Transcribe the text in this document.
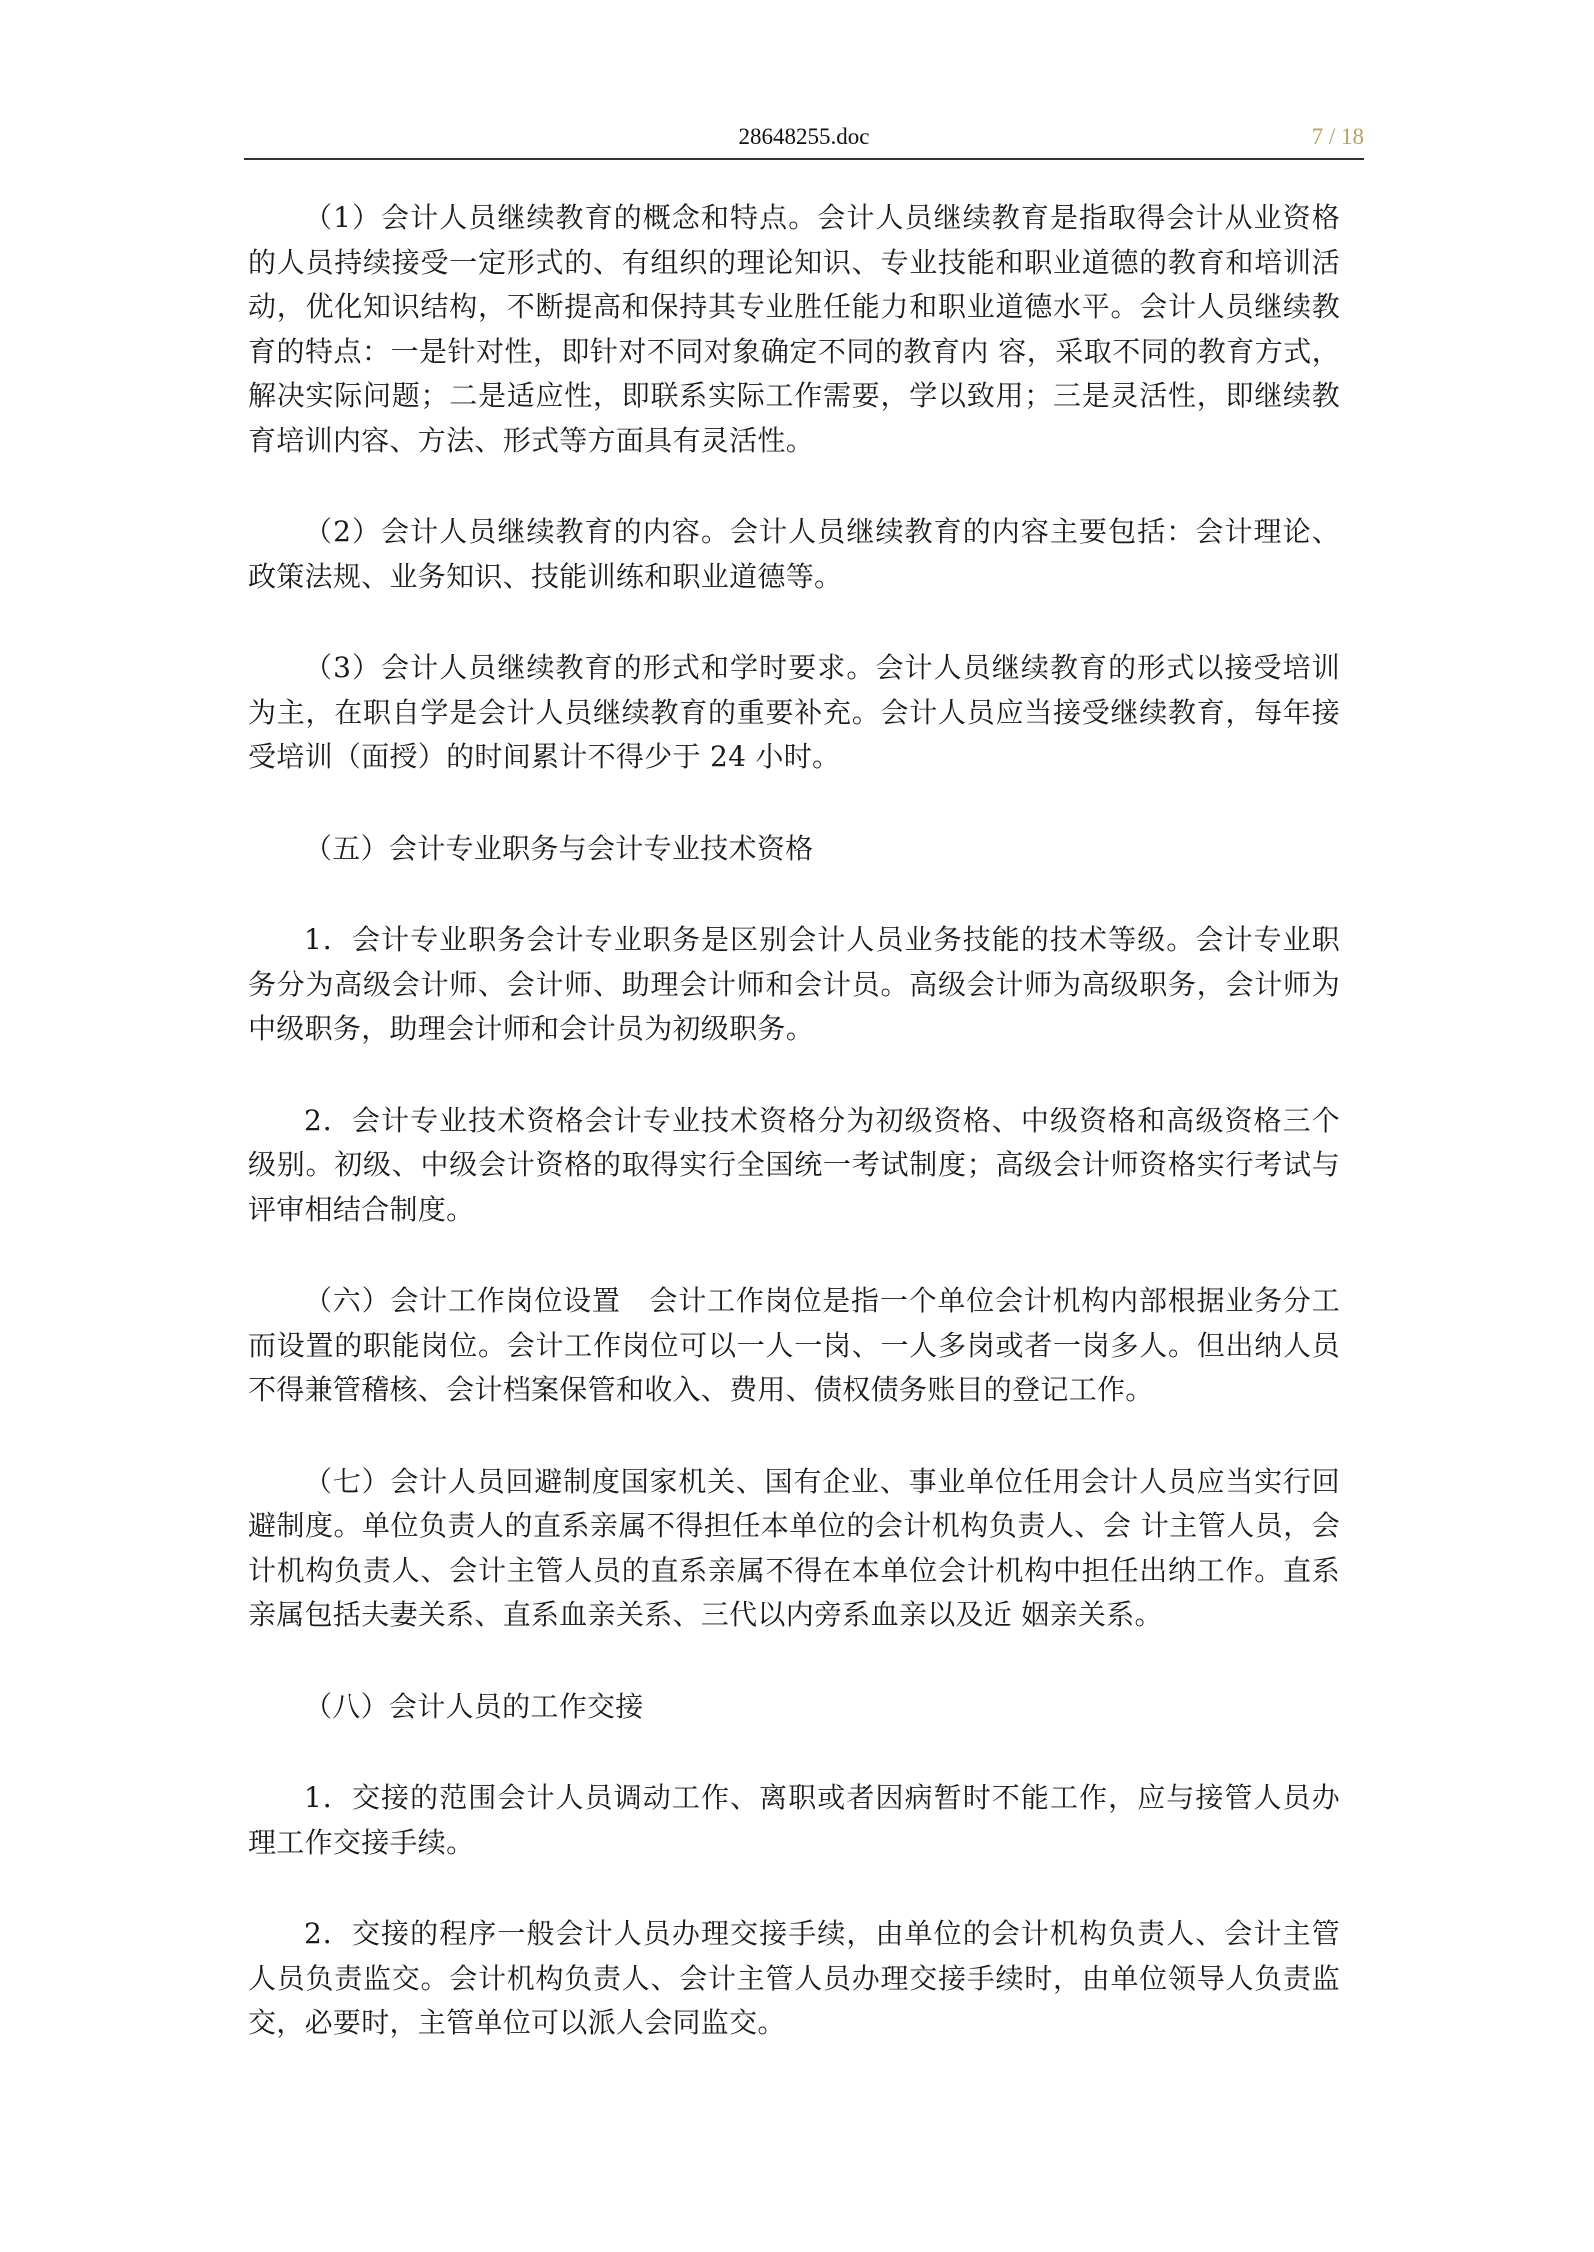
28648255.doc	7 / 18

（1）会计人员继续教育的概念和特点。会计人员继续教育是指取得会计从业资格的人员持续接受一定形式的、有组织的理论知识、专业技能和职业道德的教育和培训活动，优化知识结构，不断提高和保持其专业胜任能力和职业道德水平。会计人员继续教育的特点：一是针对性，即针对不同对象确定不同的教育内 容，采取不同的教育方式，解决实际问题；二是适应性，即联系实际工作需要，学以致用；三是灵活性，即继续教育培训内容、方法、形式等方面具有灵活性。

（2）会计人员继续教育的内容。会计人员继续教育的内容主要包括：会计理论、政策法规、业务知识、技能训练和职业道德等。

（3）会计人员继续教育的形式和学时要求。会计人员继续教育的形式以接受培训为主，在职自学是会计人员继续教育的重要补充。会计人员应当接受继续教育，每年接受培训（面授）的时间累计不得少于 24 小时。

（五）会计专业职务与会计专业技术资格

1．会计专业职务会计专业职务是区别会计人员业务技能的技术等级。会计专业职务分为高级会计师、会计师、助理会计师和会计员。高级会计师为高级职务，会计师为中级职务，助理会计师和会计员为初级职务。

2．会计专业技术资格会计专业技术资格分为初级资格、中级资格和高级资格三个级别。初级、中级会计资格的取得实行全国统一考试制度；高级会计师资格实行考试与评审相结合制度。

（六）会计工作岗位设置　会计工作岗位是指一个单位会计机构内部根据业务分工而设置的职能岗位。会计工作岗位可以一人一岗、一人多岗或者一岗多人。但出纳人员不得兼管稽核、会计档案保管和收入、费用、债权债务账目的登记工作。

（七）会计人员回避制度国家机关、国有企业、事业单位任用会计人员应当实行回避制度。单位负责人的直系亲属不得担任本单位的会计机构负责人、会 计主管人员，会计机构负责人、会计主管人员的直系亲属不得在本单位会计机构中担任出纳工作。直系亲属包括夫妻关系、直系血亲关系、三代以内旁系血亲以及近 姻亲关系。

（八）会计人员的工作交接

1．交接的范围会计人员调动工作、离职或者因病暂时不能工作，应与接管人员办理工作交接手续。

2．交接的程序一般会计人员办理交接手续，由单位的会计机构负责人、会计主管人员负责监交。会计机构负责人、会计主管人员办理交接手续时，由单位领导人负责监交，必要时，主管单位可以派人会同监交。
